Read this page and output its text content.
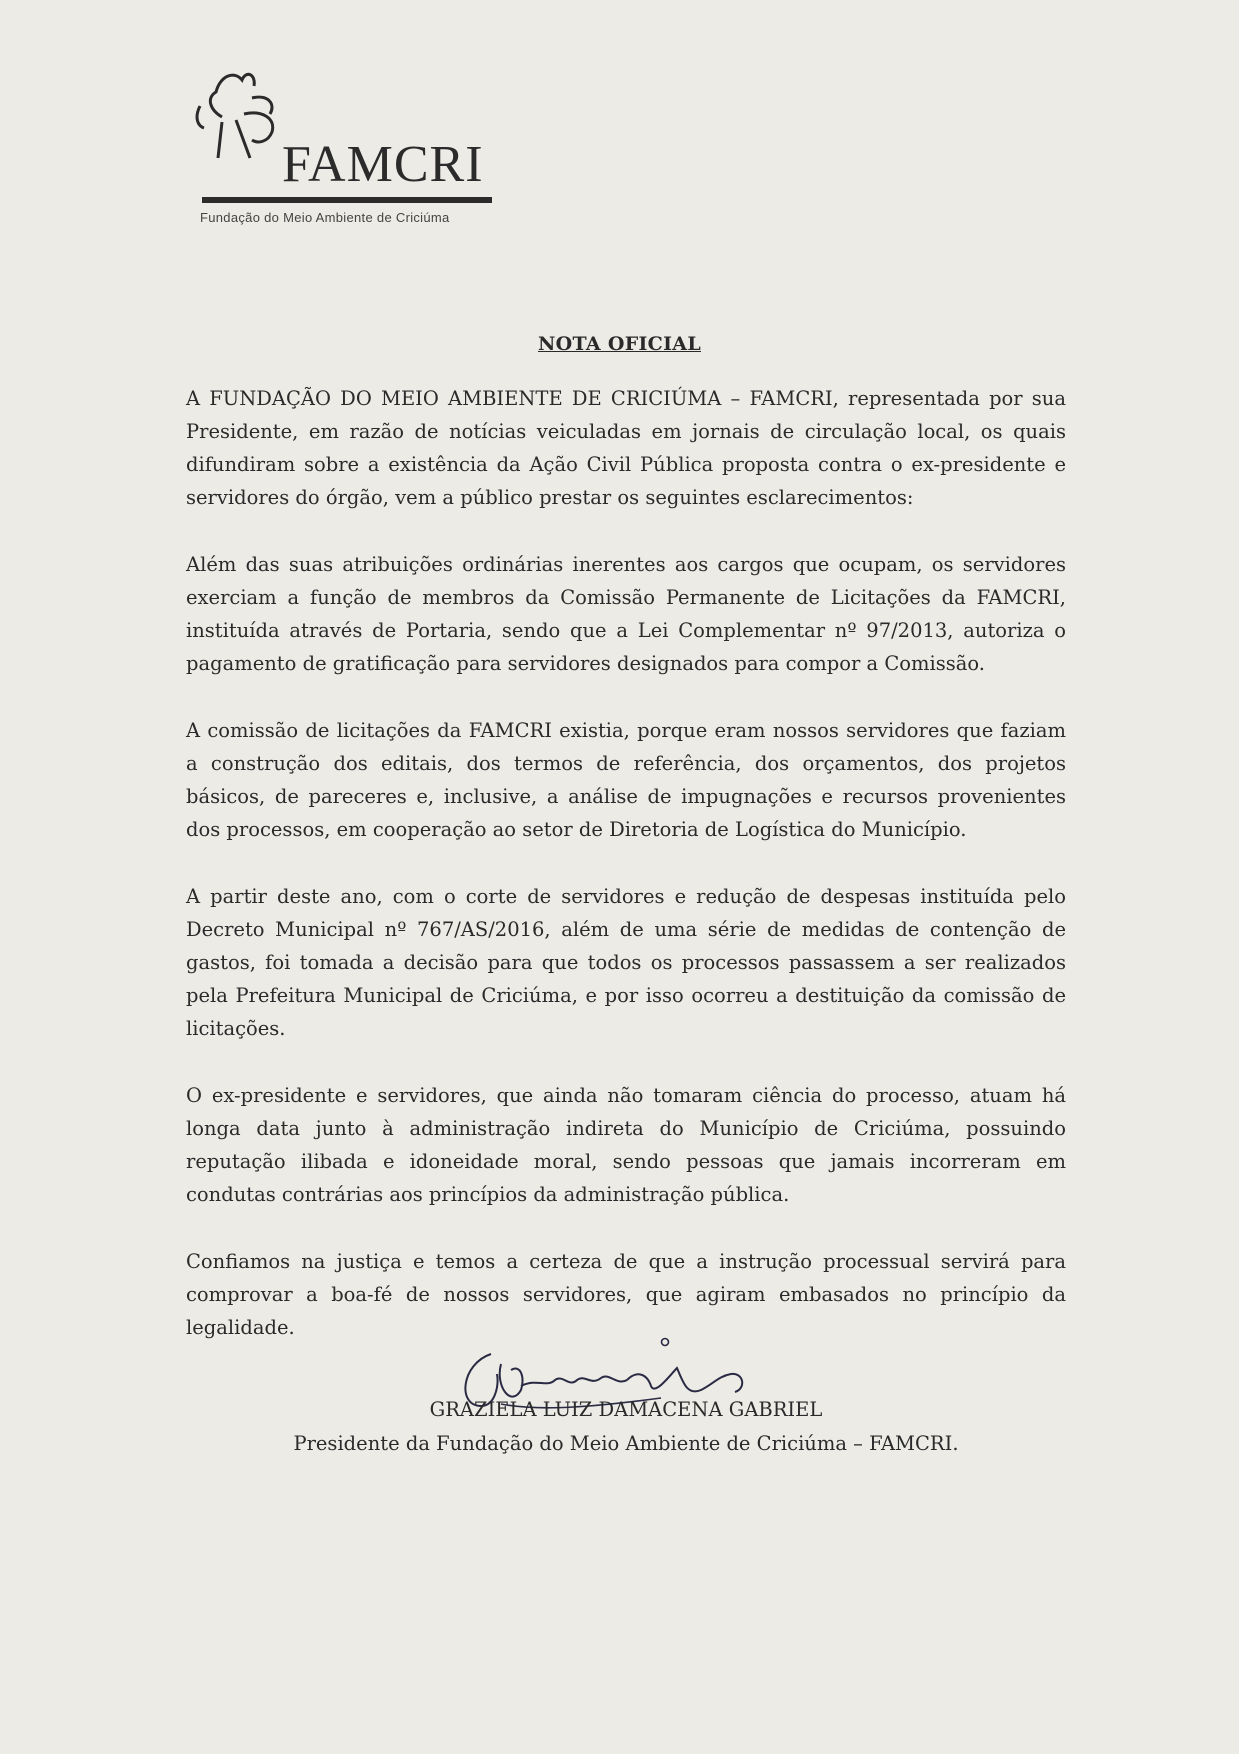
FAMCRI
Fundação do Meio Ambiente de Criciúma
NOTA OFICIAL

A FUNDAÇÃO DO MEIO AMBIENTE DE CRICIÚMA – FAMCRI, representada por sua Presidente, em razão de notícias veiculadas em jornais de circulação local, os quais difundiram sobre a existência da Ação Civil Pública proposta contra o ex-presidente e servidores do órgão, vem a público prestar os seguintes esclarecimentos:

Além das suas atribuições ordinárias inerentes aos cargos que ocupam, os servidores exerciam a função de membros da Comissão Permanente de Licitações da FAMCRI, instituída através de Portaria, sendo que a Lei Complementar nº 97/2013, autoriza o pagamento de gratificação para servidores designados para compor a Comissão.

A comissão de licitações da FAMCRI existia, porque eram nossos servidores que faziam a construção dos editais, dos termos de referência, dos orçamentos, dos projetos básicos, de pareceres e, inclusive, a análise de impugnações e recursos provenientes dos processos, em cooperação ao setor de Diretoria de Logística do Município.

A partir deste ano, com o corte de servidores e redução de despesas instituída pelo Decreto Municipal nº 767/AS/2016, além de uma série de medidas de contenção de gastos, foi tomada a decisão para que todos os processos passassem a ser realizados pela Prefeitura Municipal de Criciúma, e por isso ocorreu a destituição da comissão de licitações.

O ex-presidente e servidores, que ainda não tomaram ciência do processo, atuam há longa data junto à administração indireta do Município de Criciúma, possuindo reputação ilibada e idoneidade moral, sendo pessoas que jamais incorreram em condutas contrárias aos princípios da administração pública.

Confiamos na justiça e temos a certeza de que a instrução processual servirá para comprovar a boa-fé de nossos servidores, que agiram embasados no princípio da legalidade.

GRAZIELA LUIZ DAMACENA GABRIEL
Presidente da Fundação do Meio Ambiente de Criciúma – FAMCRI.
